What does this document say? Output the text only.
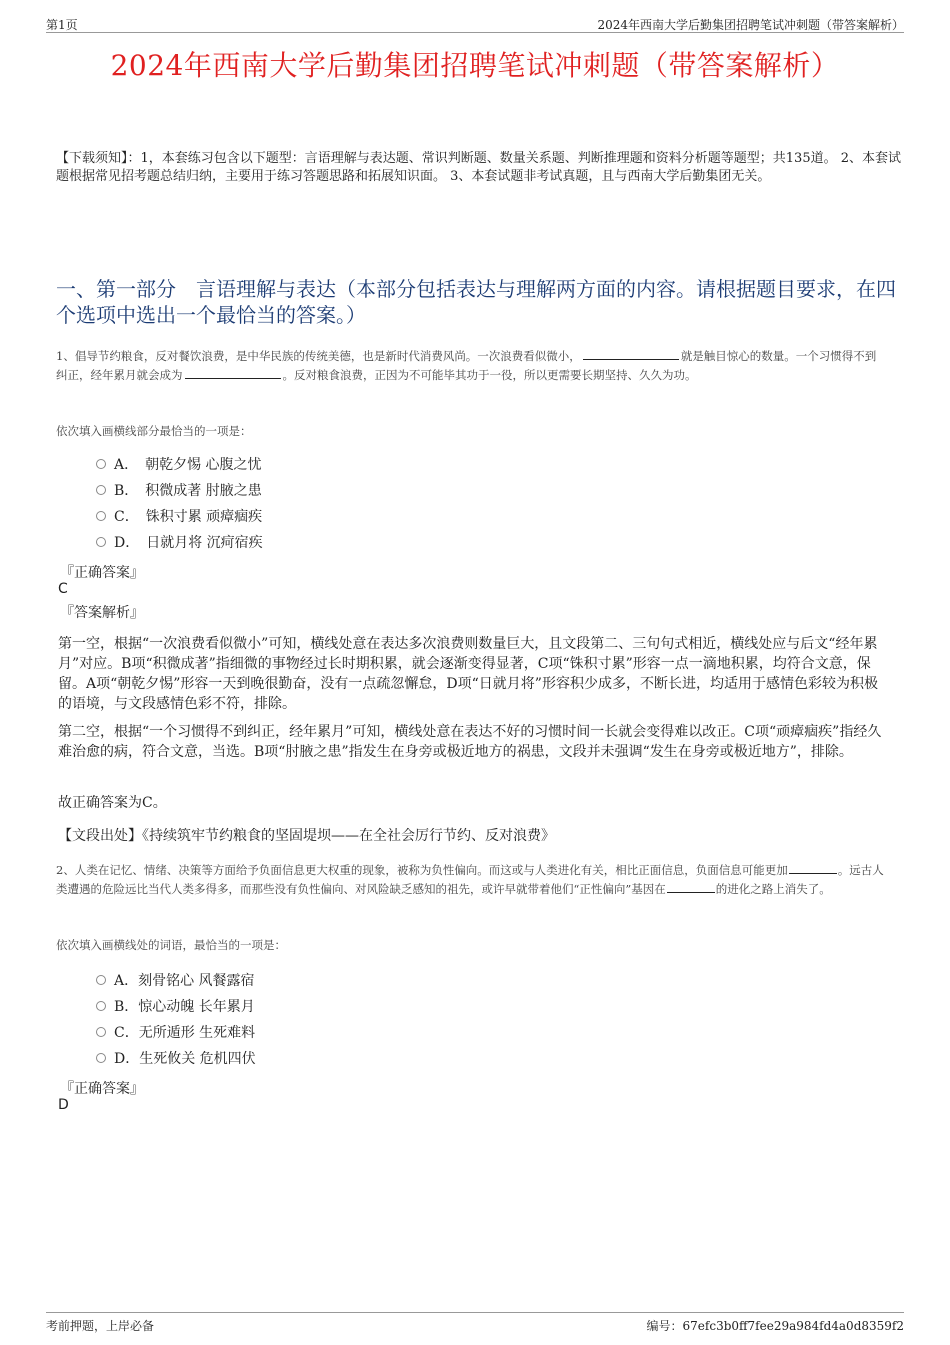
第1页	2024年西南大学后勤集团招聘笔试冲刺题（带答案解析）
2024年西南大学后勤集团招聘笔试冲刺题（带答案解析）
【下载须知】：1，本套练习包含以下题型：言语理解与表达题、常识判断题、数量关系题、判断推理题和资料分析题等题型；共135道。 2、本套试题根据常见招考题总结归纳，主要用于练习答题思路和拓展知识面。 3、本套试题非考试真题，且与西南大学后勤集团无关。
一、第一部分　言语理解与表达（本部分包括表达与理解两方面的内容。请根据题目要求，在四个选项中选出一个最恰当的答案。）
1、倡导节约粮食，反对餐饮浪费，是中华民族的传统美德，也是新时代消费风尚。一次浪费看似微小，	就是触目惊心的数量。一个习惯得不到纠正，经年累月就会成为	。反对粮食浪费，正因为不可能毕其功于一役，所以更需要长期坚持、久久为功。
依次填入画横线部分最恰当的一项是：
A．　朝乾夕惕 心腹之忧
B．　积微成著 肘腋之患
C．　铢积寸累 顽瘴痼疾
D．　日就月将 沉疴宿疾
『正确答案』
C
『答案解析』
第一空，根据“一次浪费看似微小”可知，横线处意在表达多次浪费则数量巨大，且文段第二、三句句式相近，横线处应与后文“经年累月”对应。B项“积微成著”指细微的事物经过长时期积累，就会逐渐变得显著，C项“铢积寸累”形容一点一滴地积累，均符合文意，保留。A项“朝乾夕惕”形容一天到晚很勤奋，没有一点疏忽懈怠，D项“日就月将”形容积少成多，不断长进，均适用于感情色彩较为积极的语境，与文段感情色彩不符，排除。
第二空，根据“一个习惯得不到纠正，经年累月”可知，横线处意在表达不好的习惯时间一长就会变得难以改正。C项“顽瘴痼疾”指经久难治愈的病，符合文意，当选。B项“肘腋之患”指发生在身旁或极近地方的祸患，文段并未强调“发生在身旁或极近地方”，排除。
故正确答案为C。
【文段出处】《持续筑牢节约粮食的坚固堤坝——在全社会厉行节约、反对浪费》
2、人类在记忆、情绪、决策等方面给予负面信息更大权重的现象，被称为负性偏向。而这或与人类进化有关，相比正面信息，负面信息可能更加	。远古人类遭遇的危险远比当代人类多得多，而那些没有负性偏向、对风险缺乏感知的祖先，或许早就带着他们“正性偏向”基因在	的进化之路上消失了。
依次填入画横线处的词语，最恰当的一项是：
A．刻骨铭心 风餐露宿
B．惊心动魄 长年累月
C．无所遁形 生死难料
D．生死攸关 危机四伏
『正确答案』
D
考前押题，上岸必备	编号：67efc3b0ff7fee29a984fd4a0d8359f2
